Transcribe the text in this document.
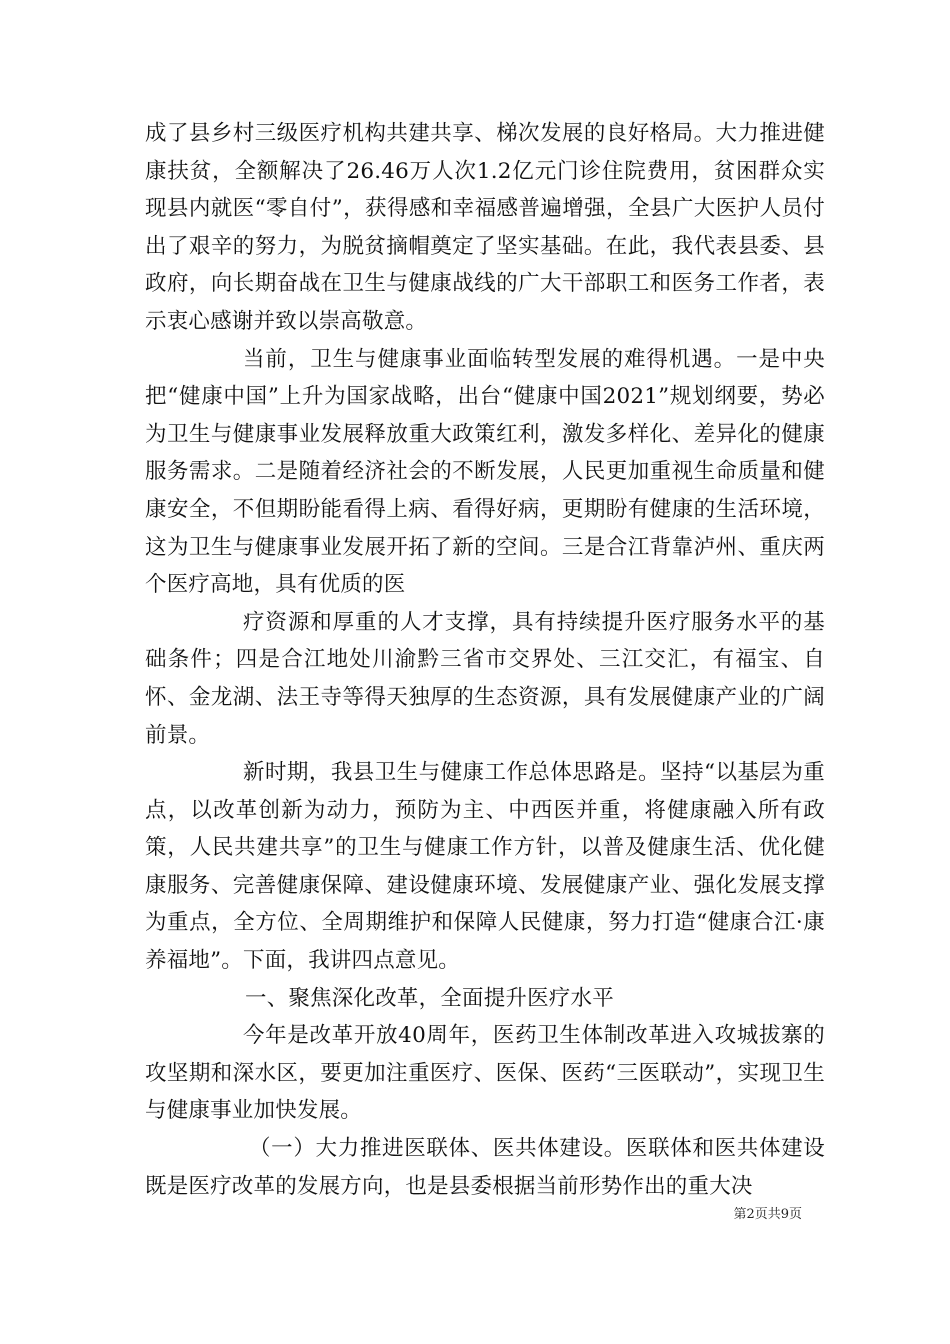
成了县乡村三级医疗机构共建共享、梯次发展的良好格局。大力推进健康扶贫，全额解决了26.46万人次1.2亿元门诊住院费用，贫困群众实现县内就医“零自付”，获得感和幸福感普遍增强，全县广大医护人员付出了艰辛的努力，为脱贫摘帽奠定了坚实基础。在此，我代表县委、县政府，向长期奋战在卫生与健康战线的广大干部职工和医务工作者，表示衷心感谢并致以崇高敬意。

当前，卫生与健康事业面临转型发展的难得机遇。一是中央把“健康中国”上升为国家战略，出台“健康中国2021”规划纲要，势必为卫生与健康事业发展释放重大政策红利，激发多样化、差异化的健康服务需求。二是随着经济社会的不断发展，人民更加重视生命质量和健康安全，不但期盼能看得上病、看得好病，更期盼有健康的生活环境，这为卫生与健康事业发展开拓了新的空间。三是合江背靠泸州、重庆两个医疗高地，具有优质的医

疗资源和厚重的人才支撑，具有持续提升医疗服务水平的基础条件；四是合江地处川渝黔三省市交界处、三江交汇，有福宝、自怀、金龙湖、法王寺等得天独厚的生态资源，具有发展健康产业的广阔前景。

新时期，我县卫生与健康工作总体思路是。坚持“以基层为重点，以改革创新为动力，预防为主、中西医并重，将健康融入所有政策，人民共建共享”的卫生与健康工作方针，以普及健康生活、优化健康服务、完善健康保障、建设健康环境、发展健康产业、强化发展支撑为重点，全方位、全周期维护和保障人民健康，努力打造“健康合江·康养福地”。下面，我讲四点意见。

一、聚焦深化改革，全面提升医疗水平

今年是改革开放40周年，医药卫生体制改革进入攻城拔寨的攻坚期和深水区，要更加注重医疗、医保、医药“三医联动”，实现卫生与健康事业加快发展。

（一）大力推进医联体、医共体建设。医联体和医共体建设既是医疗改革的发展方向，也是县委根据当前形势作出的重大决

第2页共9页
